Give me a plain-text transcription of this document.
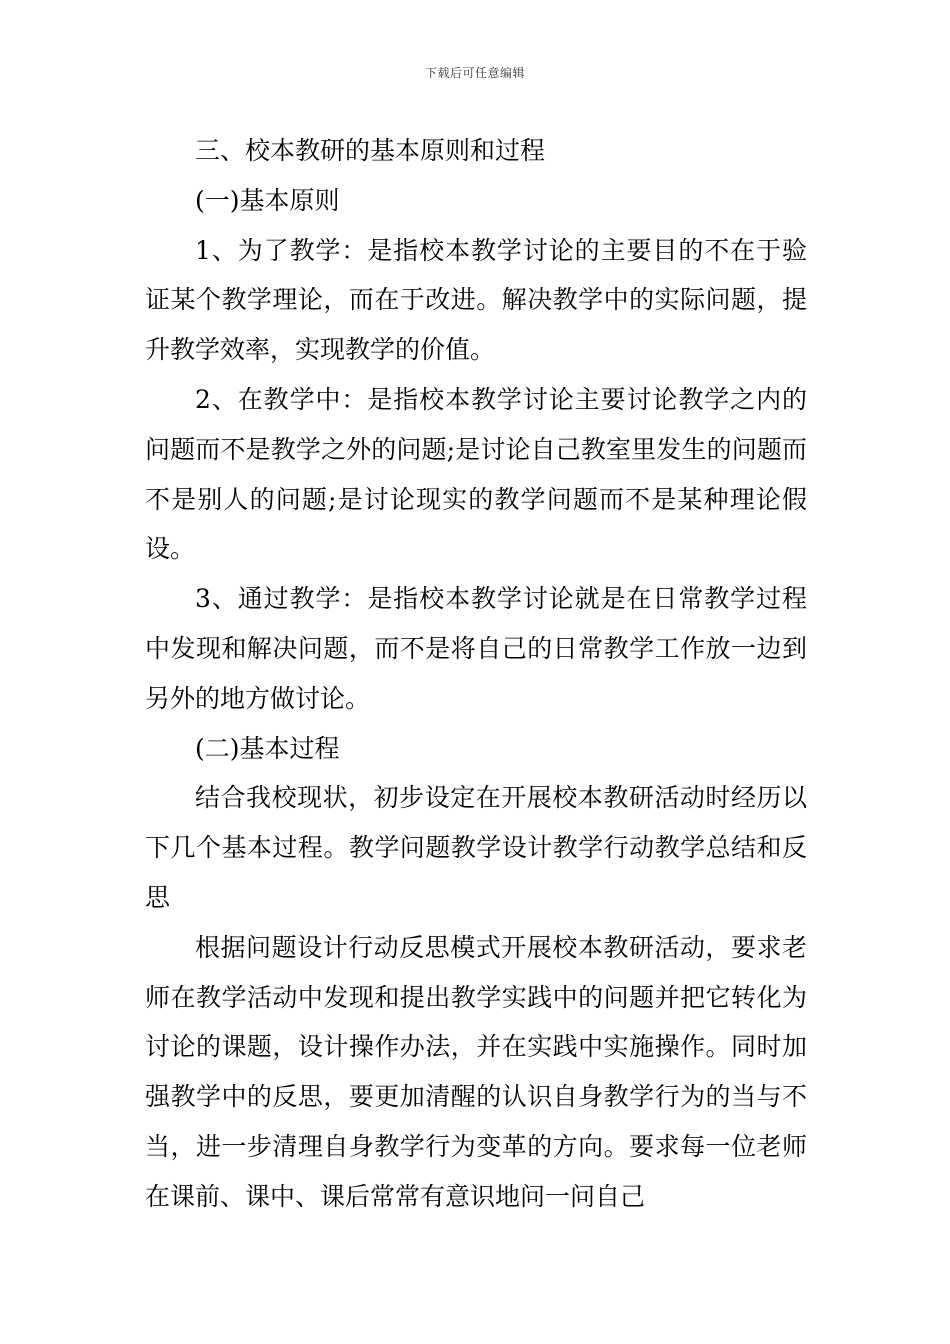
下载后可任意编辑

三、校本教研的基本原则和过程

(一)基本原则

1、为了教学：是指校本教学讨论的主要目的不在于验证某个教学理论，而在于改进。解决教学中的实际问题，提升教学效率，实现教学的价值。

2、在教学中：是指校本教学讨论主要讨论教学之内的问题而不是教学之外的问题;是讨论自己教室里发生的问题而不是别人的问题;是讨论现实的教学问题而不是某种理论假设。

3、通过教学：是指校本教学讨论就是在日常教学过程中发现和解决问题，而不是将自己的日常教学工作放一边到另外的地方做讨论。

(二)基本过程

结合我校现状，初步设定在开展校本教研活动时经历以下几个基本过程。教学问题教学设计教学行动教学总结和反思

根据问题设计行动反思模式开展校本教研活动，要求老师在教学活动中发现和提出教学实践中的问题并把它转化为讨论的课题，设计操作办法，并在实践中实施操作。同时加强教学中的反思，要更加清醒的认识自身教学行为的当与不当，进一步清理自身教学行为变革的方向。要求每一位老师在课前、课中、课后常常有意识地问一问自己
